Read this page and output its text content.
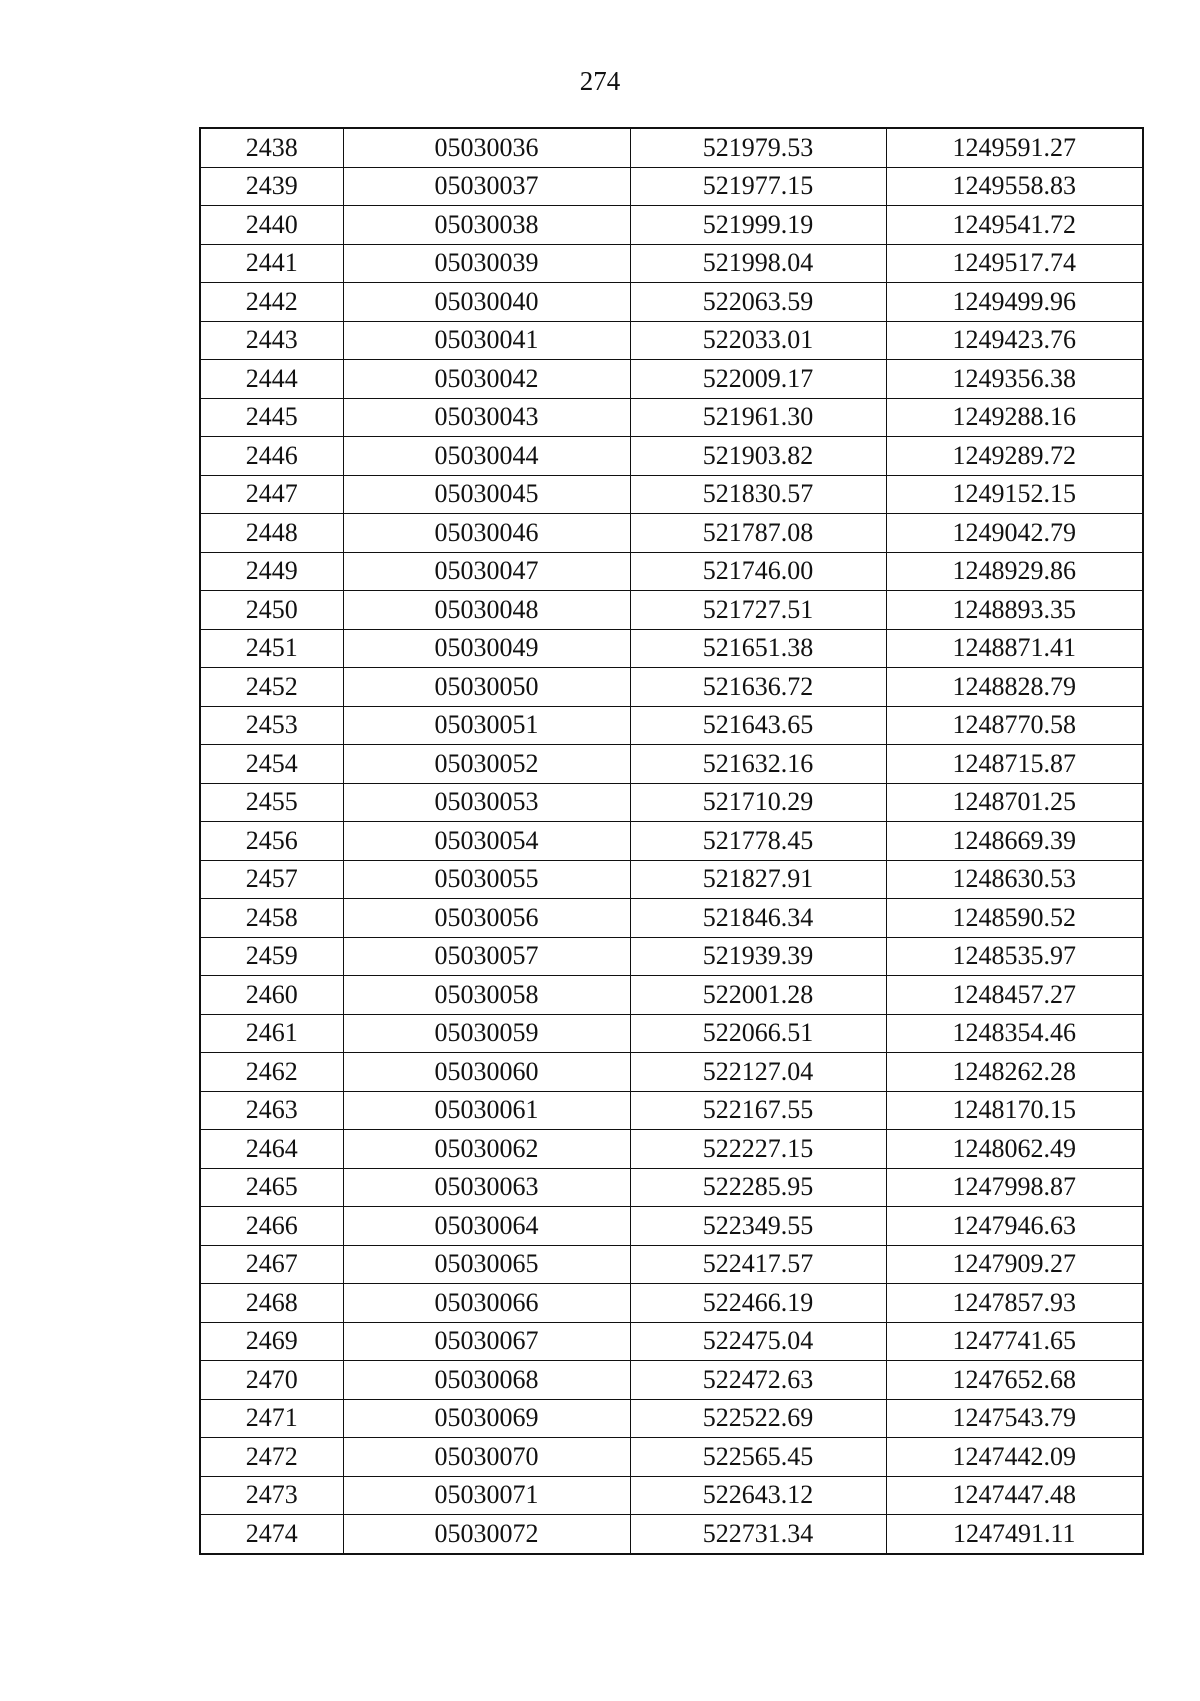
274
2438	05030036	521979.53	1249591.27
2439	05030037	521977.15	1249558.83
2440	05030038	521999.19	1249541.72
2441	05030039	521998.04	1249517.74
2442	05030040	522063.59	1249499.96
2443	05030041	522033.01	1249423.76
2444	05030042	522009.17	1249356.38
2445	05030043	521961.30	1249288.16
2446	05030044	521903.82	1249289.72
2447	05030045	521830.57	1249152.15
2448	05030046	521787.08	1249042.79
2449	05030047	521746.00	1248929.86
2450	05030048	521727.51	1248893.35
2451	05030049	521651.38	1248871.41
2452	05030050	521636.72	1248828.79
2453	05030051	521643.65	1248770.58
2454	05030052	521632.16	1248715.87
2455	05030053	521710.29	1248701.25
2456	05030054	521778.45	1248669.39
2457	05030055	521827.91	1248630.53
2458	05030056	521846.34	1248590.52
2459	05030057	521939.39	1248535.97
2460	05030058	522001.28	1248457.27
2461	05030059	522066.51	1248354.46
2462	05030060	522127.04	1248262.28
2463	05030061	522167.55	1248170.15
2464	05030062	522227.15	1248062.49
2465	05030063	522285.95	1247998.87
2466	05030064	522349.55	1247946.63
2467	05030065	522417.57	1247909.27
2468	05030066	522466.19	1247857.93
2469	05030067	522475.04	1247741.65
2470	05030068	522472.63	1247652.68
2471	05030069	522522.69	1247543.79
2472	05030070	522565.45	1247442.09
2473	05030071	522643.12	1247447.48
2474	05030072	522731.34	1247491.11
